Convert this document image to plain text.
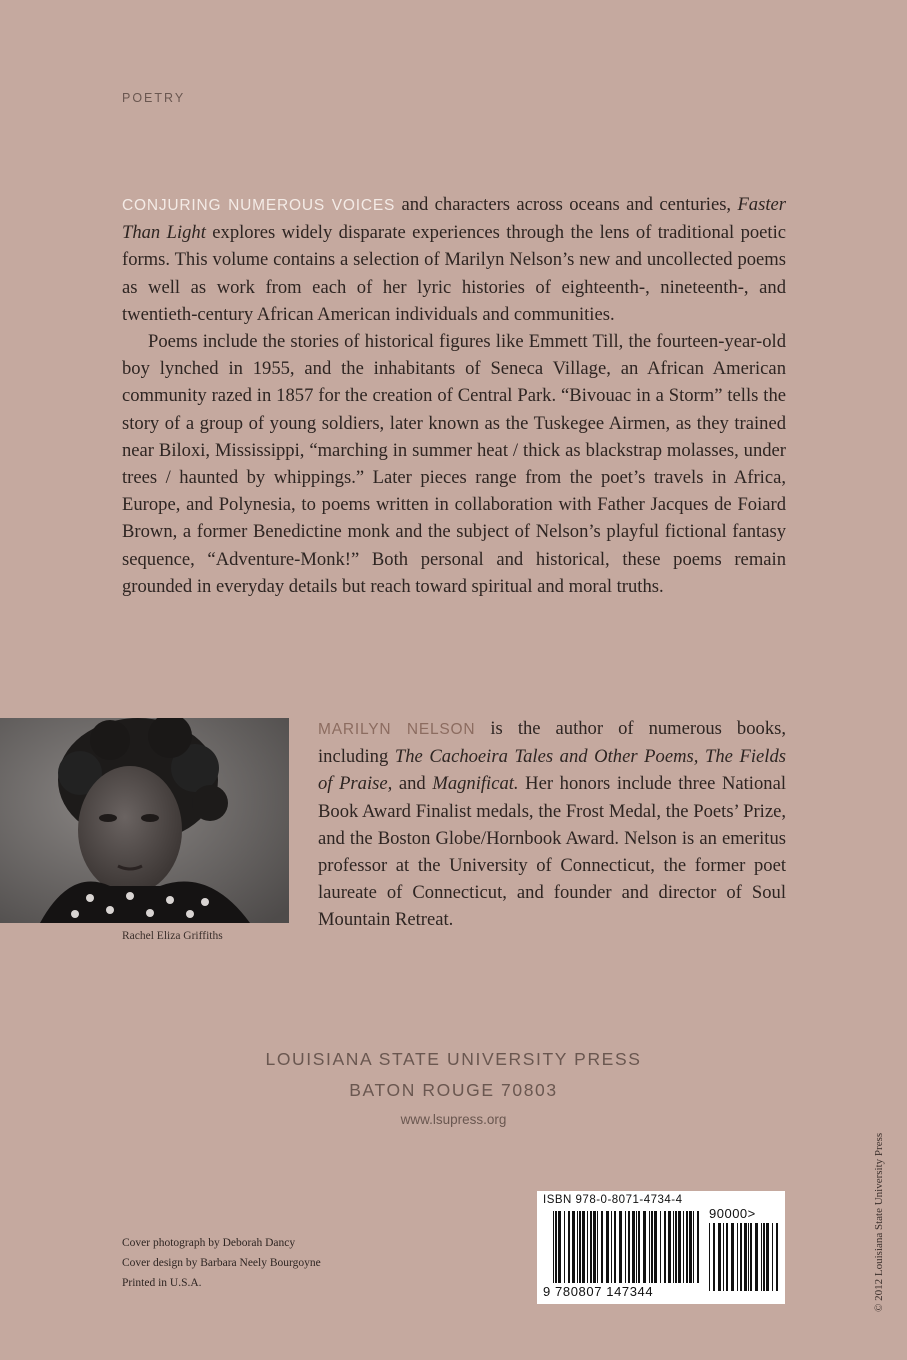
POETRY

CONJURING NUMEROUS VOICES and characters across oceans and centuries, Faster Than Light explores widely disparate experiences through the lens of traditional poetic forms. This volume contains a selection of Marilyn Nelson’s new and uncollected poems as well as work from each of her lyric histories of eighteenth-, nineteenth-, and twentieth-century African American individuals and communities.

Poems include the stories of historical figures like Emmett Till, the fourteen-year-old boy lynched in 1955, and the inhabitants of Seneca Village, an African American community razed in 1857 for the creation of Central Park. “Bivouac in a Storm” tells the story of a group of young soldiers, later known as the Tuskegee Airmen, as they trained near Biloxi, Mississippi, “marching in summer heat / thick as blackstrap molasses, under trees / haunted by whippings.” Later pieces range from the poet’s travels in Africa, Europe, and Polynesia, to poems written in collaboration with Father Jacques de Foiard Brown, a former Benedictine monk and the subject of Nelson’s playful fictional fantasy sequence, “Adventure-Monk!” Both personal and historical, these poems remain grounded in everyday details but reach toward spiritual and moral truths.

Rachel Eliza Griffiths

MARILYN NELSON is the author of numerous books, including The Cachoeira Tales and Other Poems, The Fields of Praise, and Magnificat. Her honors include three National Book Award Finalist medals, the Frost Medal, the Poets’ Prize, and the Boston Globe/Hornbook Award. Nelson is an emeritus professor at the University of Connecticut, the former poet laureate of Connecticut, and founder and director of Soul Mountain Retreat.

LOUISIANA STATE UNIVERSITY PRESS
BATON ROUGE 70803
www.lsupress.org
Cover photograph by Deborah Dancy
Cover design by Barbara Neely Bourgoyne
Printed in U.S.A.
ISBN 978-0-8071-4734-4
90000>
9 780807 147344	© 2012 Louisiana State University Press
